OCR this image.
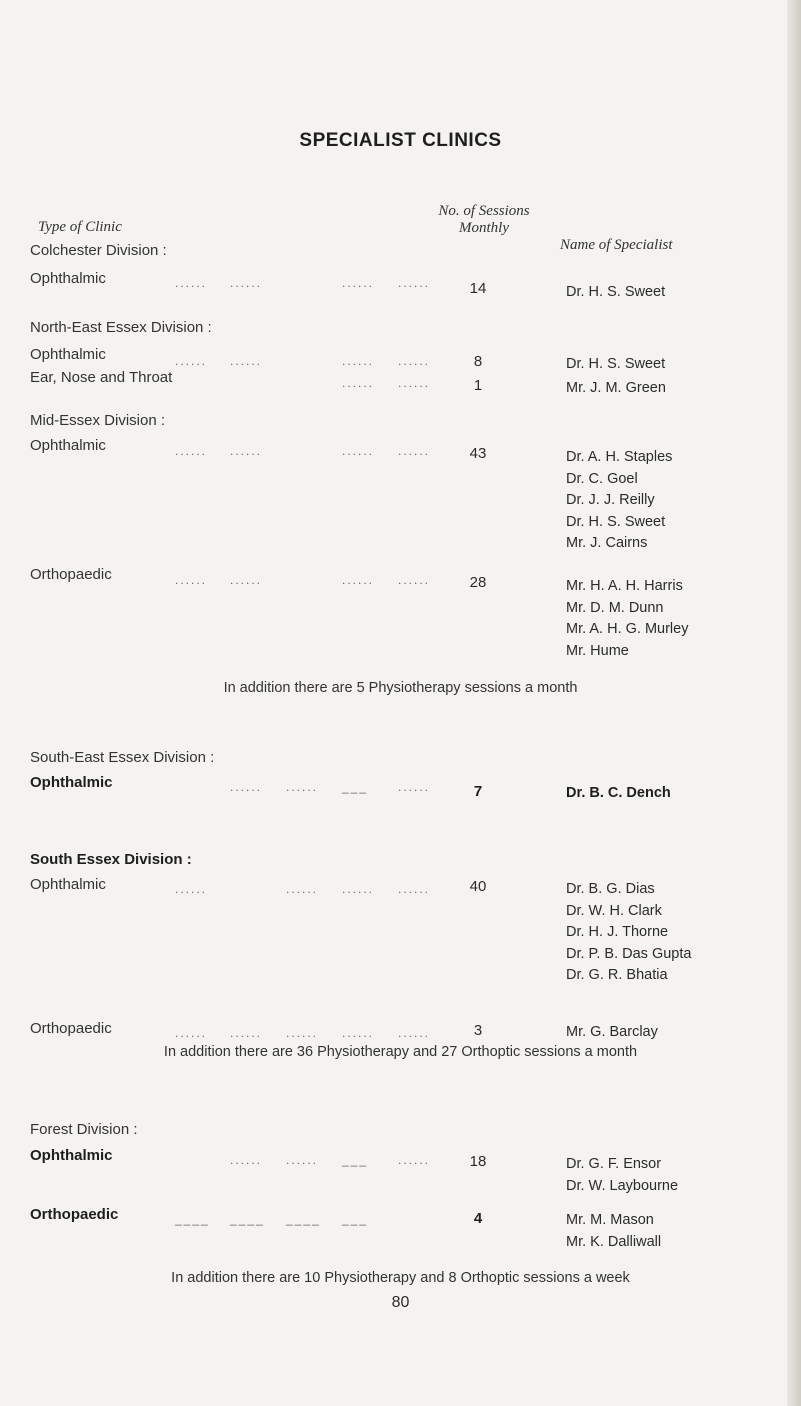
SPECIALIST CLINICS
Type of Clinic
No. of Sessions
Monthly
Name of Specialist
Colchester Division :
Ophthalmic	...... ......	...... ......	14	Dr. H. S. Sweet
North-East Essex Division :
Ophthalmic	...... ......	...... ......	8	Dr. H. S. Sweet
Ear, Nose and Throat	...... ......	1	Mr. J. M. Green
Mid-Essex Division :
Ophthalmic	...... ......	...... ......	43	Dr. A. H. Staples
Dr. C. Goel
Dr. J. J. Reilly
Dr. H. S. Sweet
Mr. J. Cairns
Orthopaedic	...... ......	...... ......	28	Mr. H. A. H. Harris
Mr. D. M. Dunn
Mr. A. H. G. Murley
Mr. Hume
In addition there are 5 Physiotherapy sessions a month
South-East Essex Division :
Ophthalmic	...... ...... ___ ......	7	Dr. B. C. Dench
South Essex Division :
Ophthalmic	......	...... ...... ......	40	Dr. B. G. Dias
Dr. W. H. Clark
Dr. H. J. Thorne
Dr. P. B. Das Gupta
Dr. G. R. Bhatia
Orthopaedic	...... ...... ...... ...... ......	3	Mr. G. Barclay
In addition there are 36 Physiotherapy and 27 Orthoptic sessions a month
Forest Division :
Ophthalmic	...... ...... ___ ......	18	Dr. G. F. Ensor
Dr. W. Laybourne
Orthopaedic	____ ____ ____ ___	4	Mr. M. Mason
Mr. K. Dalliwall
In addition there are 10 Physiotherapy and 8 Orthoptic sessions a week
80
